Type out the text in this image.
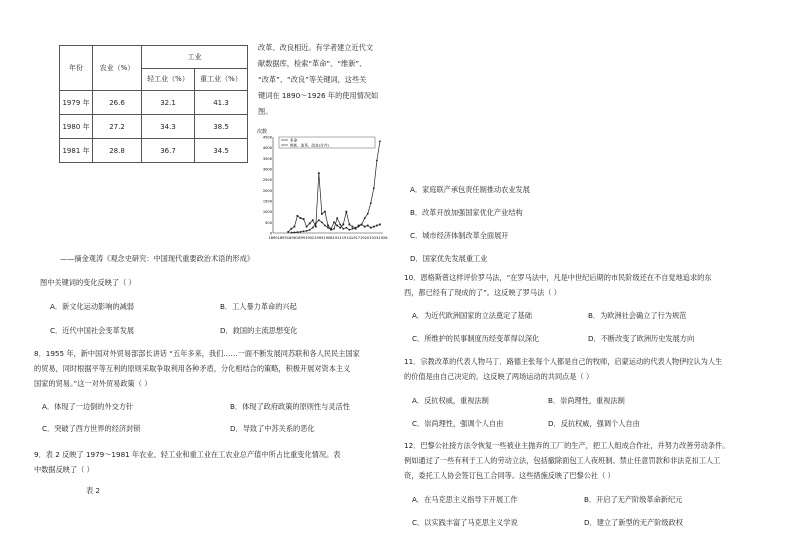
年份	农业（%）	工业	
		轻工业（%）	重工业（%）
1979 年	26.6	32.1	41.3
1980 年	27.2	34.3	38.5
1981 年	28.8	36.7	34.5
改革、改良相近。有学者建立近代文
献数据库，检索“革命”、“维新”、
“改革”、“改良”等关键词，这些关
键词在 1890～1926 年的使用情况如
图。
次数
0
500
1000
1500
2000
2500
3000
3500
4000
4500
1890 1893 1896 1899 1902 1905 1908 1911 1914 1917 1920 1923 1926
革命
维新、改革、改良(合并)
A．家庭联产承包责任制推动农业发展
B．改革开放加强国家优化产业结构
C．城市经济体制改革全面展开
D．国家优先发展重工业
——摘金观涛《观念史研究：中国现代重要政治术语的形成》
图中关键词的变化反映了（ ）
A．新文化运动影响的减弱	B．工人暴力革命的兴起
C．近代中国社会变革发展	D．救国的主流思想变化
8．1955 年，新中国对外贸易部部长讲话 “五年多来，我们……一面不断发展同苏联和各人民民主国家
的贸易，同时根据平等互利的原则采取争取利用各种矛盾，分化相结合的策略，积极开展对资本主义
国家的贸易。”这一对外贸易政策（ ）
A．体现了一边倒的外交方针	B．体现了政府政策的原则性与灵活性
C．突破了西方世界的经济封锁	D．导致了中苏关系的恶化
9．表 2 反映了 1979～1981 年农业、轻工业和重工业在工农业总产值中所占比重变化情况。表
中数据反映了（ ）
表 2
10．恩格斯曾这样评价罗马法，“在罗马法中，凡是中世纪后期的市民阶级还在不自觉地追求的东
西，都已经有了现成的了”。这反映了罗马法（ ）
A．为近代欧洲国家的立法奠定了基础	B．为欧洲社会确立了行为规范
C．所维护的民事制度历经变革得以深化	D．不断改变了欧洲历史发展方向
11．宗教改革的代表人物马丁．路德主张每个人都是自己的牧师，启蒙运动的代表人物伊拉认为人生
的价值是由自己决定的。这反映了两场运动的共同点是（ ）
A．反抗权威，重视法制	B．崇尚理性，重视法制
C．崇尚理性，强调个人自由	D．反抗权威，强调个人自由
12．巴黎公社接方法令恢复一些被业主抛弃的工厂的生产，把工人组成合作社，并努力改善劳动条件。
例如通过了一些有利于工人的劳动立法，包括撤除面包工人夜班制、禁止任意罚款和非法克扣工人工
资，委托工人协会签订包工合同等。这些措施反映了巴黎公社（ ）
A．在马克思主义指导下开展工作	B．开启了无产阶级革命新纪元
C．以实践丰富了马克思主义学说	D．建立了新型的无产阶级政权
